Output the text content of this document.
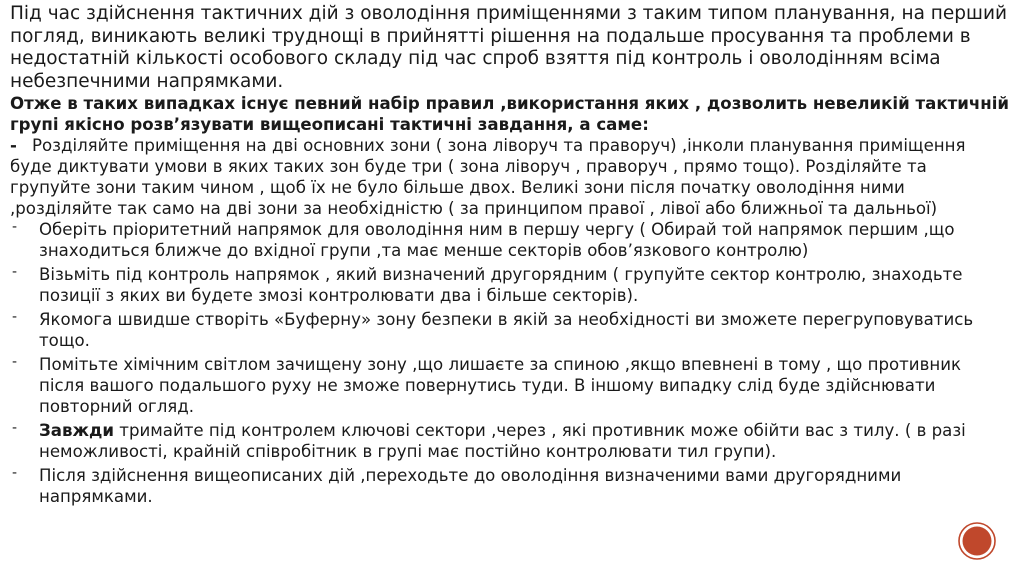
Під час здійснення тактичних дій з оволодіння приміщеннями з таким типом планування, на перший погляд, виникають великі труднощі в прийнятті рішення на подальше просування та проблеми в недостатній кількості особового складу під час спроб взяття під контроль і оволодінням всіма небезпечними напрямками.

Отже в таких випадках існує певний набір правил ,використання яких , дозволить невеликій тактичній групі якісно розв’язувати вищеописані тактичні завдання, а саме:

- Розділяйте приміщення на дві основних зони ( зона ліворуч та праворуч) ,інколи планування приміщення буде диктувати умови в яких таких зон буде три ( зона ліворуч , праворуч , прямо тощо). Розділяйте та групуйте зони таким чином , щоб їх не було більше двох. Великі зони після початку оволодіння ними ,розділяйте так само на дві зони за необхідністю ( за принципом правої , лівої або ближньої та дальньої)

- Оберіть пріоритетний напрямок для оволодіння ним в першу чергу ( Обирай той напрямок першим ,що знаходиться ближче до вхідної групи ,та має менше секторів обов’язкового контролю)
- Візьміть під контроль напрямок , який визначений другорядним ( групуйте сектор контролю, знаходьте позиції з яких ви будете змозі контролювати два і більше секторів).
- Якомога швидше створіть «Буферну» зону безпеки в якій за необхідності ви зможете перегруповуватись тощо.
- Помітьте хімічним світлом зачищену зону ,що лишаєте за спиною ,якщо впевнені в тому , що противник після вашого подальшого руху не зможе повернутись туди. В іншому випадку слід буде здійснювати повторний огляд.
- Завжди тримайте під контролем ключові сектори ,через , які противник може обійти вас з тилу. ( в разі неможливості, крайній співробітник в групі має постійно контролювати тил групи).
- Після здійснення вищеописаних дій ,переходьте до оволодіння визначеними вами другорядними напрямками.
